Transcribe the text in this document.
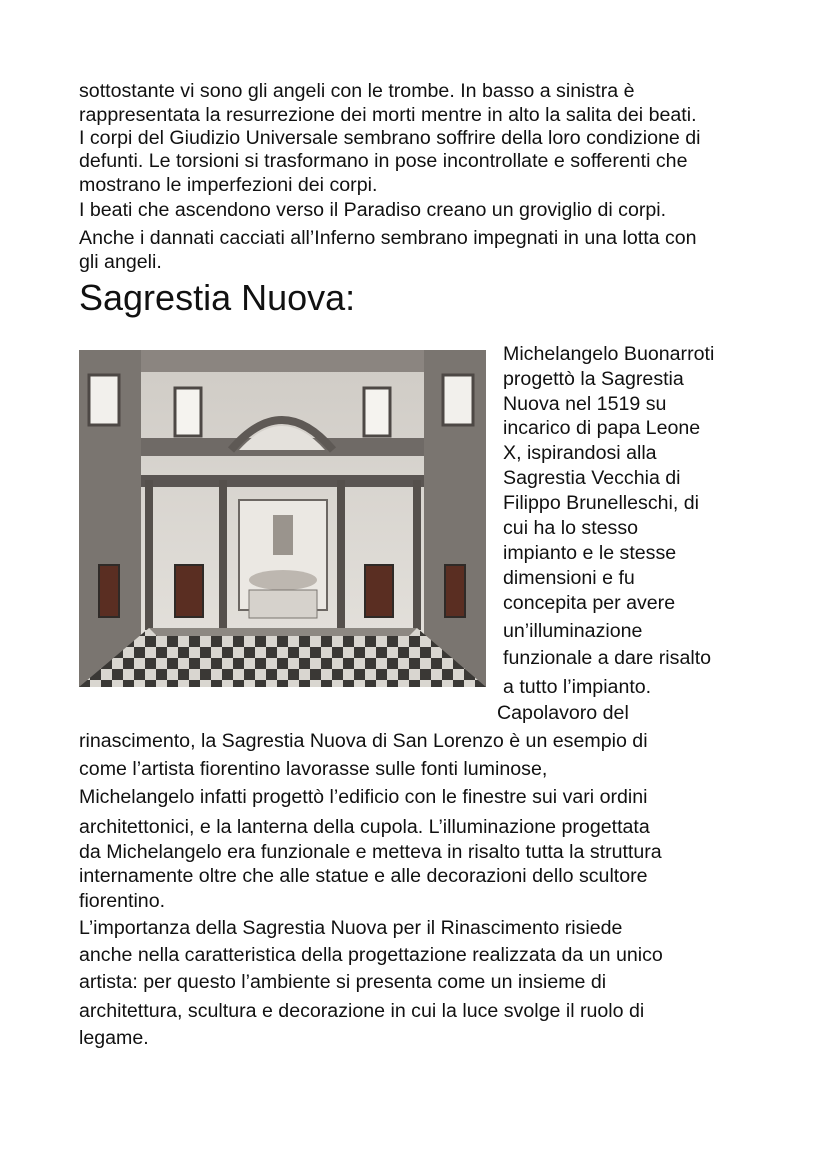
sottostante vi sono gli angeli con le trombe. In basso a sinistra è
rappresentata la resurrezione dei morti mentre in alto la salita dei beati.
I corpi del Giudizio Universale sembrano soffrire della loro condizione di
defunti. Le torsioni si trasformano in pose incontrollate e sofferenti che
mostrano le imperfezioni dei corpi.
I beati che ascendono verso il Paradiso creano un groviglio di corpi.
Anche i dannati cacciati all’Inferno sembrano impegnati in una lotta con
gli angeli.
Sagrestia Nuova:
Michelangelo Buonarroti
progettò la Sagrestia
Nuova nel 1519 su
incarico di papa Leone
X, ispirandosi alla
Sagrestia Vecchia di
Filippo Brunelleschi, di
cui ha lo stesso
impianto e le stesse
dimensioni e fu
concepita per avere
un’illuminazione
funzionale a dare risalto
a tutto l’impianto.
Capolavoro del
rinascimento, la Sagrestia Nuova di San Lorenzo è un esempio di
come l’artista fiorentino lavorasse sulle fonti luminose,
Michelangelo infatti progettò l’edificio con le finestre sui vari ordini
architettonici, e la lanterna della cupola. L’illuminazione progettata
da Michelangelo era funzionale e metteva in risalto tutta la struttura
internamente oltre che alle statue e alle decorazioni dello scultore
fiorentino.
L’importanza della Sagrestia Nuova per il Rinascimento risiede
anche nella caratteristica della progettazione realizzata da un unico
artista: per questo l’ambiente si presenta come un insieme di
architettura, scultura e decorazione in cui la luce svolge il ruolo di
legame.
